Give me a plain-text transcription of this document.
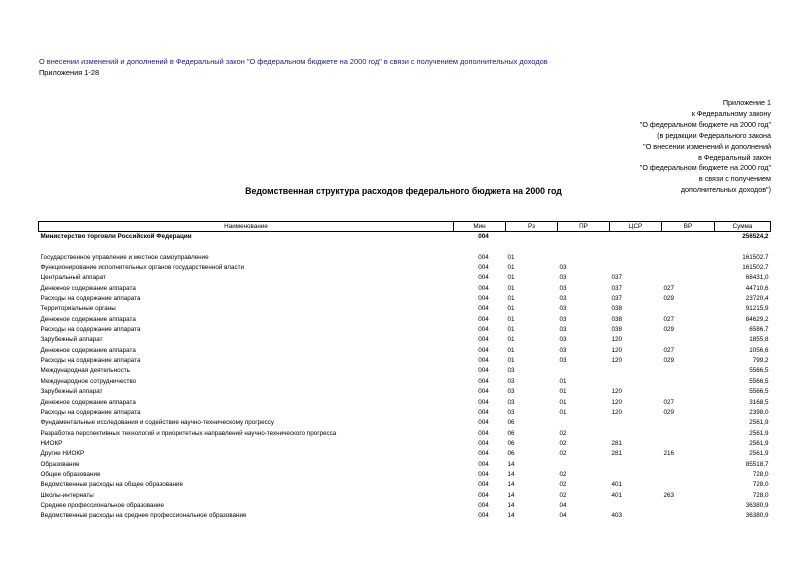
О внесении изменений и дополнений в Федеральный закон "О федеральном бюджете на 2000 год" в связи с получением дополнительных доходов
Приложения 1-28
Приложение 1
к Федеральному закону
"О федеральном бюджете на 2000 год"
(в редакции Федерального закона
"О внесении изменений и дополнений
в Федеральный закон
"О федеральном бюджете на 2000 год"
в связи с получением
дополнительных доходов")
Ведомственная структура расходов федерального бюджета на 2000 год
Наименование	Мин	Рз	ПР	ЦСР	ВР	Сумма
Министерство торговли Российской Федерации	004					256524,2

Государственное управление и местное самоуправление	004	01				161502,7
Функционирование исполнительных органов государственной власти	004	01	03			161502,7
Центральный аппарат	004	01	03	037		68431,0
Денежное содержание аппарата	004	01	03	037	027	44710,6
Расходы на содержание аппарата	004	01	03	037	029	23720,4
Территориальные органы	004	01	03	038		91215,9
Денежное содержание аппарата	004	01	03	038	027	84629,2
Расходы на содержание аппарата	004	01	03	038	029	6586,7
Зарубежный аппарат	004	01	03	120		1855,8
Денежное содержание аппарата	004	01	03	120	027	1056,6
Расходы на содержание аппарата	004	01	03	120	029	799,2
Международная деятельность	004	03				5566,5
Международное сотрудничество	004	03	01			5566,5
Зарубежный аппарат	004	03	01	120		5566,5
Денежное содержание аппарата	004	03	01	120	027	3168,5
Расходы на содержание аппарата	004	03	01	120	029	2398,0
Фундаментальные исследования и содействие научно-техническому прогрессу	004	06				2561,9
Разработка перспективных технологий и приоритетных направлений научно-технического прогресса	004	06	02			2561,9
НИОКР	004	06	02	281		2561,9
Другие НИОКР	004	06	02	281	216	2561,9
Образование	004	14				85518,7
Общее образование	004	14	02			728,0
Ведомственные расходы на общее образование	004	14	02	401		728,0
Школы-интернаты	004	14	02	401	263	728,0
Среднее профессиональное образование	004	14	04			36380,9
Ведомственные расходы на среднее профессиональное образование	004	14	04	403		36380,9
